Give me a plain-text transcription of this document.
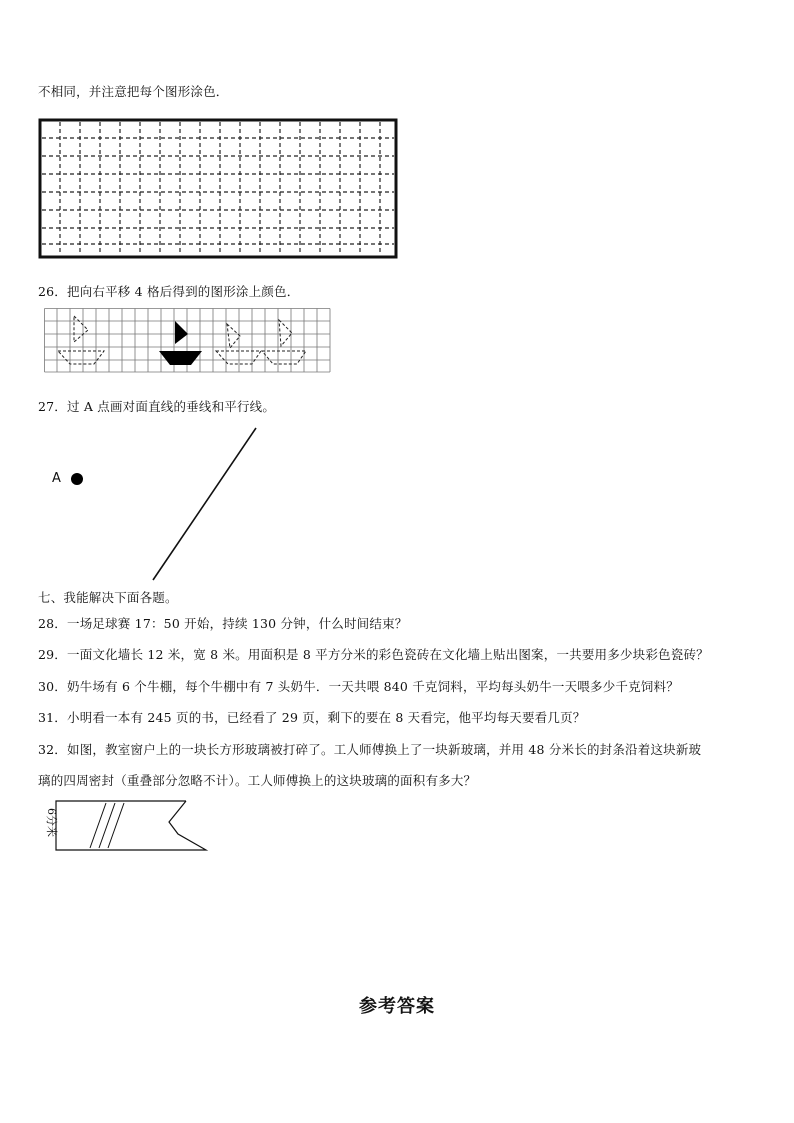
不相同，并注意把每个图形涂色．
26．把向右平移 4 格后得到的图形涂上颜色．
27．过 A 点画对面直线的垂线和平行线。
A
七、我能解决下面各题。
28．一场足球赛 17：50 开始，持续 130 分钟，什么时间结束？
29．一面文化墙长 12 米，宽 8 米。用面积是 8 平方分米的彩色瓷砖在文化墙上贴出图案，一共要用多少块彩色瓷砖？
30．奶牛场有 6 个牛棚，每个牛棚中有 7 头奶牛．一天共喂 840 千克饲料，平均每头奶牛一天喂多少千克饲料？
31．小明看一本有 245 页的书，已经看了 29 页，剩下的要在 8 天看完，他平均每天要看几页？
32．如图，教室窗户上的一块长方形玻璃被打碎了。工人师傅换上了一块新玻璃，并用 48 分米长的封条沿着这块新玻
璃的四周密封（重叠部分忽略不计）。工人师傅换上的这块玻璃的面积有多大？
6分米
参考答案
